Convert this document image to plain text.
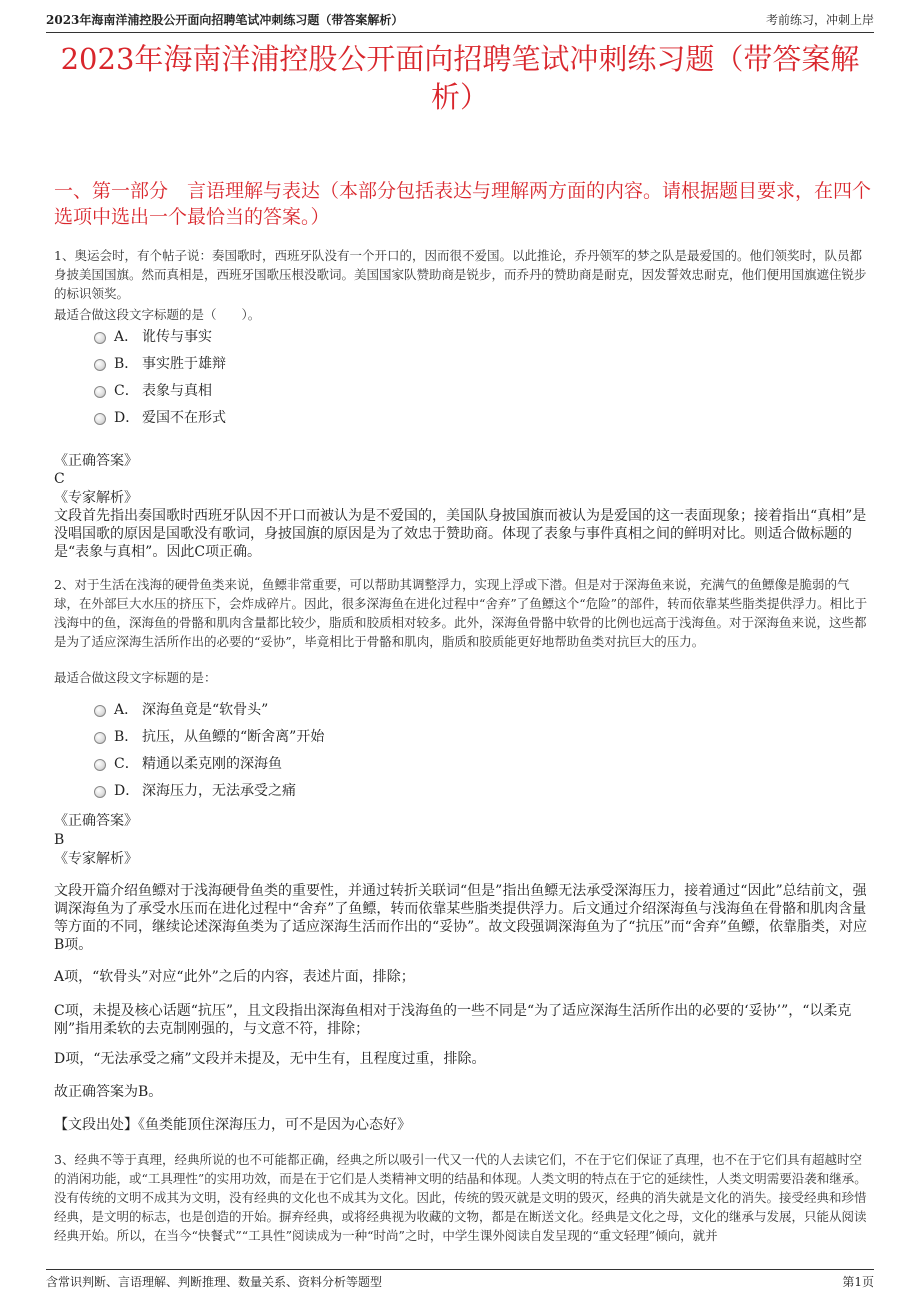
2023年海南洋浦控股公开面向招聘笔试冲刺练习题（带答案解析）	考前练习，冲刺上岸
2023年海南洋浦控股公开面向招聘笔试冲刺练习题（带答案解析）
一、第一部分　言语理解与表达（本部分包括表达与理解两方面的内容。请根据题目要求，在四个选项中选出一个最恰当的答案。）
1、奥运会时，有个帖子说：奏国歌时，西班牙队没有一个开口的，因而很不爱国。以此推论，乔丹领军的梦之队是最爱国的。他们领奖时，队员都身披美国国旗。然而真相是，西班牙国歌压根没歌词。美国国家队赞助商是锐步，而乔丹的赞助商是耐克，因发誓效忠耐克，他们便用国旗遮住锐步的标识领奖。
最适合做这段文字标题的是（　　）。
A． 讹传与事实
B． 事实胜于雄辩
C． 表象与真相
D． 爱国不在形式
《正确答案》
C
《专家解析》
文段首先指出奏国歌时西班牙队因不开口而被认为是不爱国的，美国队身披国旗而被认为是爱国的这一表面现象；接着指出“真相”是没唱国歌的原因是国歌没有歌词，身披国旗的原因是为了效忠于赞助商。体现了表象与事件真相之间的鲜明对比。则适合做标题的是“表象与真相”。因此C项正确。
2、对于生活在浅海的硬骨鱼类来说，鱼鳔非常重要，可以帮助其调整浮力，实现上浮或下潜。但是对于深海鱼来说，充满气的鱼鳔像是脆弱的气球，在外部巨大水压的挤压下，会炸成碎片。因此，很多深海鱼在进化过程中“舍弃”了鱼鳔这个“危险”的部件，转而依靠某些脂类提供浮力。相比于浅海中的鱼，深海鱼的骨骼和肌肉含量都比较少，脂质和胶质相对较多。此外，深海鱼骨骼中软骨的比例也远高于浅海鱼。对于深海鱼来说，这些都是为了适应深海生活所作出的必要的“妥协”，毕竟相比于骨骼和肌肉，脂质和胶质能更好地帮助鱼类对抗巨大的压力。
最适合做这段文字标题的是：
A． 深海鱼竟是“软骨头”
B． 抗压，从鱼鳔的“断舍离”开始
C． 精通以柔克刚的深海鱼
D． 深海压力，无法承受之痛
《正确答案》
B
《专家解析》
文段开篇介绍鱼鳔对于浅海硬骨鱼类的重要性，并通过转折关联词“但是”指出鱼鳔无法承受深海压力，接着通过“因此”总结前文，强调深海鱼为了承受水压而在进化过程中“舍弃”了鱼鳔，转而依靠某些脂类提供浮力。后文通过介绍深海鱼与浅海鱼在骨骼和肌肉含量等方面的不同，继续论述深海鱼类为了适应深海生活而作出的“妥协”。故文段强调深海鱼为了“抗压”而“舍弃”鱼鳔，依靠脂类，对应B项。
A项，“软骨头”对应“此外”之后的内容，表述片面，排除；
C项，未提及核心话题“抗压”，且文段指出深海鱼相对于浅海鱼的一些不同是“为了适应深海生活所作出的必要的‘妥协’”，“以柔克刚”指用柔软的去克制刚强的，与文意不符，排除；
D项，“无法承受之痛”文段并未提及，无中生有，且程度过重，排除。
故正确答案为B。
【文段出处】《鱼类能顶住深海压力，可不是因为心态好》
3、经典不等于真理，经典所说的也不可能都正确，经典之所以吸引一代又一代的人去读它们，不在于它们保证了真理，也不在于它们具有超越时空的消闲功能，或“工具理性”的实用功效，而是在于它们是人类精神文明的结晶和体现。人类文明的特点在于它的延续性，人类文明需要沿袭和继承。没有传统的文明不成其为文明，没有经典的文化也不成其为文化。因此，传统的毁灭就是文明的毁灭，经典的消失就是文化的消失。接受经典和珍惜经典，是文明的标志，也是创造的开始。摒弃经典，或将经典视为收藏的文物，都是在断送文化。经典是文化之母，文化的继承与发展，只能从阅读经典开始。所以，在当今“快餐式”“工具性”阅读成为一种“时尚”之时，中学生课外阅读自发呈现的“重文轻理”倾向，就并
含常识判断、言语理解、判断推理、数量关系、资料分析等题型	第1页
